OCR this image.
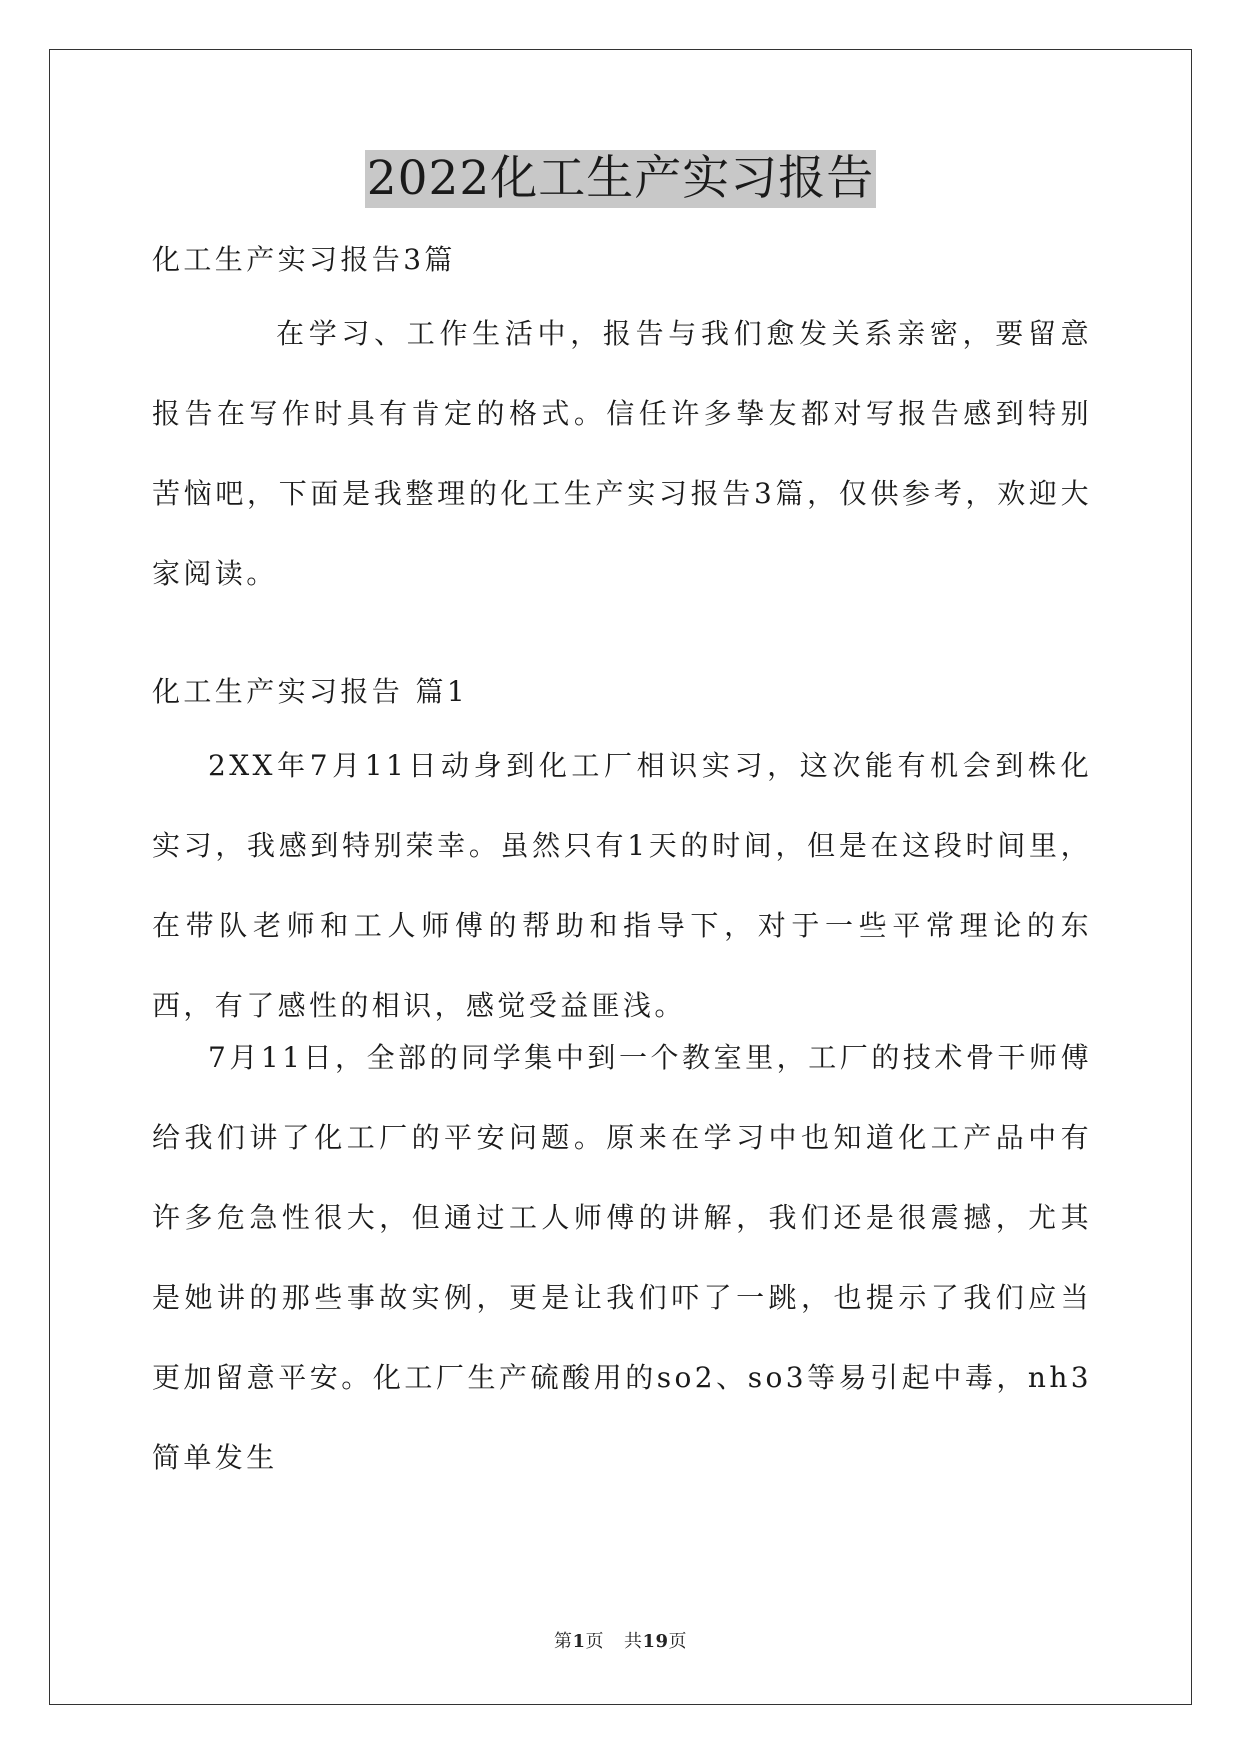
2022化工生产实习报告

化工生产实习报告3篇

在学习、工作生活中，报告与我们愈发关系亲密，要留意报告在写作时具有肯定的格式。信任许多挚友都对写报告感到特别苦恼吧，下面是我整理的化工生产实习报告3篇，仅供参考，欢迎大家阅读。

化工生产实习报告 篇1

2XX年7月11日动身到化工厂相识实习，这次能有机会到株化实习，我感到特别荣幸。虽然只有1天的时间，但是在这段时间里，在带队老师和工人师傅的帮助和指导下，对于一些平常理论的东西，有了感性的相识，感觉受益匪浅。

7月11日，全部的同学集中到一个教室里，工厂的技术骨干师傅给我们讲了化工厂的平安问题。原来在学习中也知道化工产品中有许多危急性很大，但通过工人师傅的讲解，我们还是很震撼，尤其是她讲的那些事故实例，更是让我们吓了一跳，也提示了我们应当更加留意平安。化工厂生产硫酸用的so2、so3等易引起中毒，nh3简单发生

第1页 共19页
